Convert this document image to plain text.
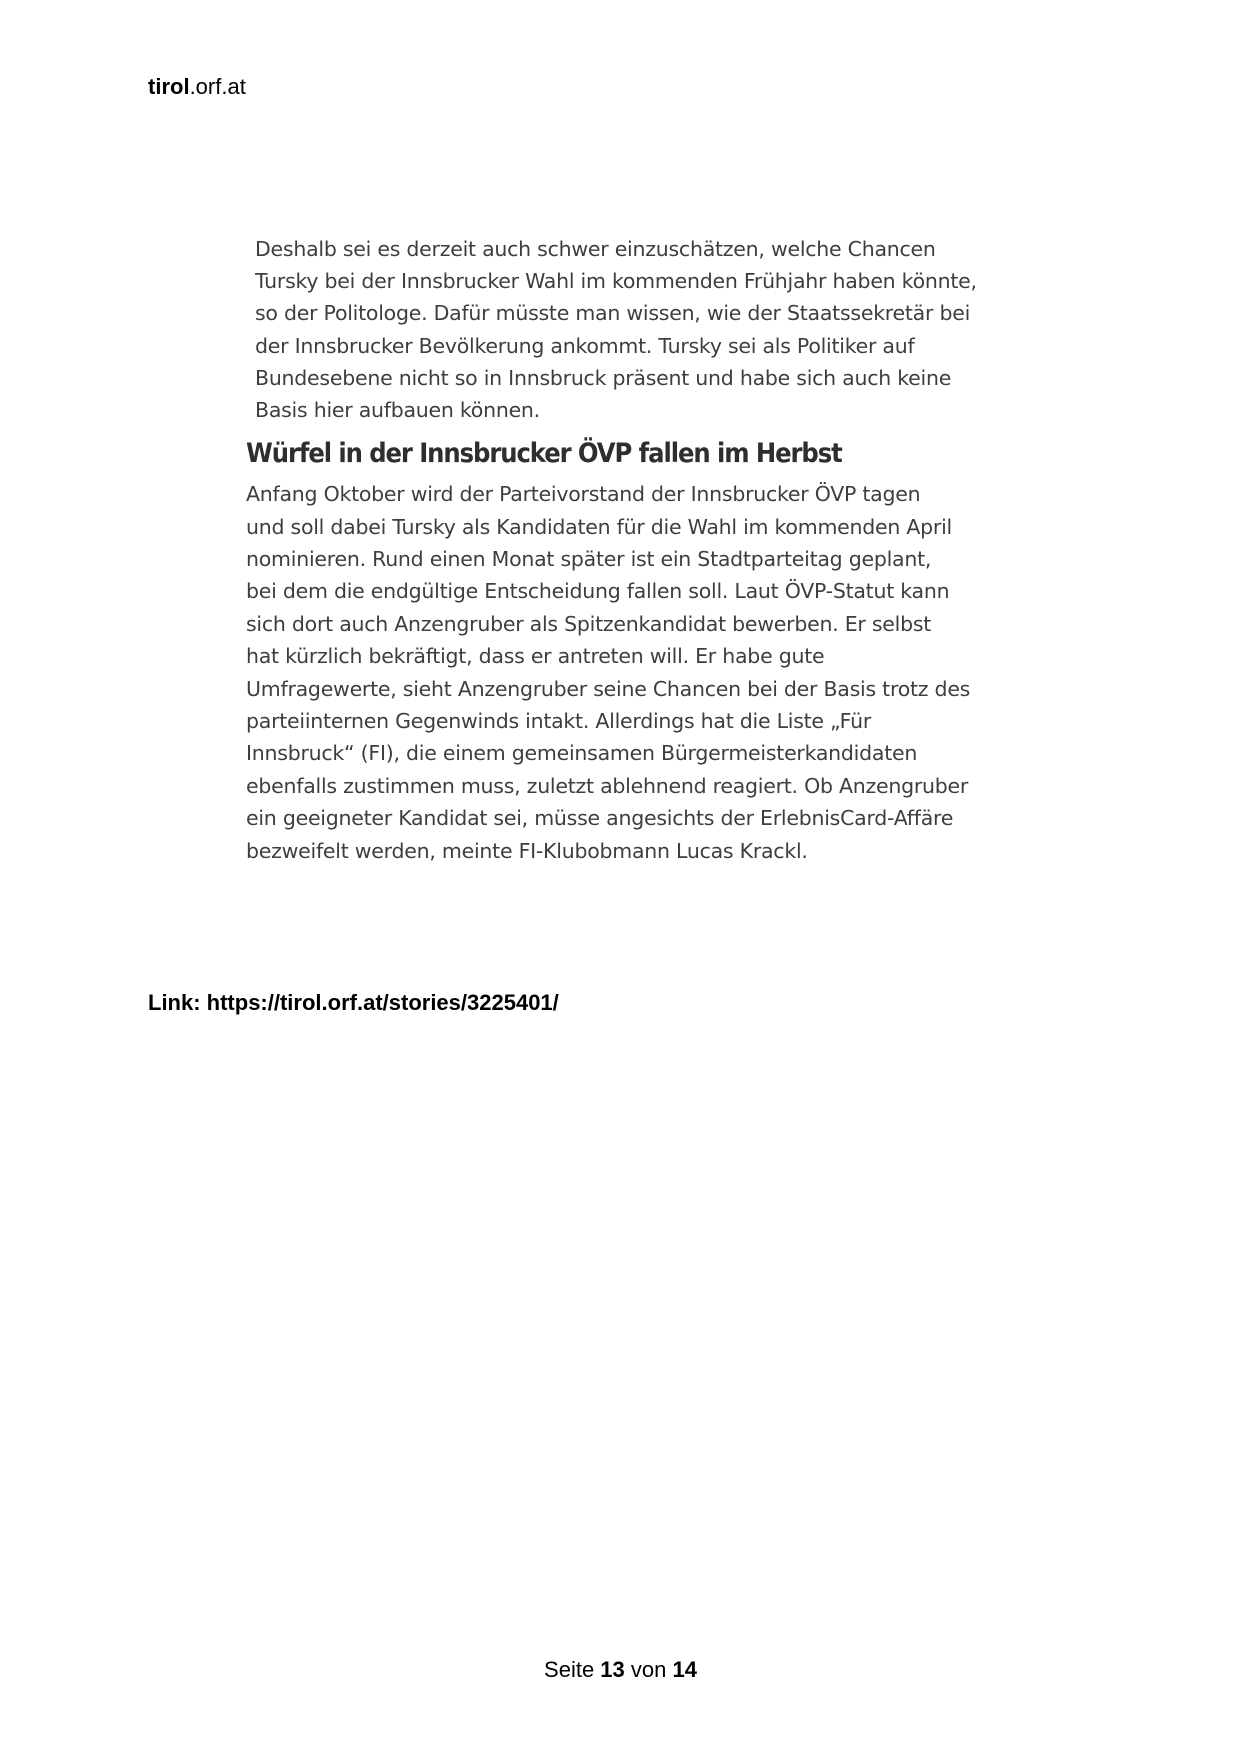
tirol.orf.at

Deshalb sei es derzeit auch schwer einzuschätzen, welche Chancen
Tursky bei der Innsbrucker Wahl im kommenden Frühjahr haben könnte,
so der Politologe. Dafür müsste man wissen, wie der Staatssekretär bei
der Innsbrucker Bevölkerung ankommt. Tursky sei als Politiker auf
Bundesebene nicht so in Innsbruck präsent und habe sich auch keine
Basis hier aufbauen können.

Würfel in der Innsbrucker ÖVP fallen im Herbst

Anfang Oktober wird der Parteivorstand der Innsbrucker ÖVP tagen
und soll dabei Tursky als Kandidaten für die Wahl im kommenden April
nominieren. Rund einen Monat später ist ein Stadtparteitag geplant,
bei dem die endgültige Entscheidung fallen soll. Laut ÖVP-Statut kann
sich dort auch Anzengruber als Spitzenkandidat bewerben. Er selbst
hat kürzlich bekräftigt, dass er antreten will. Er habe gute
Umfragewerte, sieht Anzengruber seine Chancen bei der Basis trotz des
parteiinternen Gegenwinds intakt. Allerdings hat die Liste „Für
Innsbruck“ (FI), die einem gemeinsamen Bürgermeisterkandidaten
ebenfalls zustimmen muss, zuletzt ablehnend reagiert. Ob Anzengruber
ein geeigneter Kandidat sei, müsse angesichts der ErlebnisCard-Affäre
bezweifelt werden, meinte FI-Klubobmann Lucas Krackl.

Link: https://tirol.orf.at/stories/3225401/
Seite 13 von 14
